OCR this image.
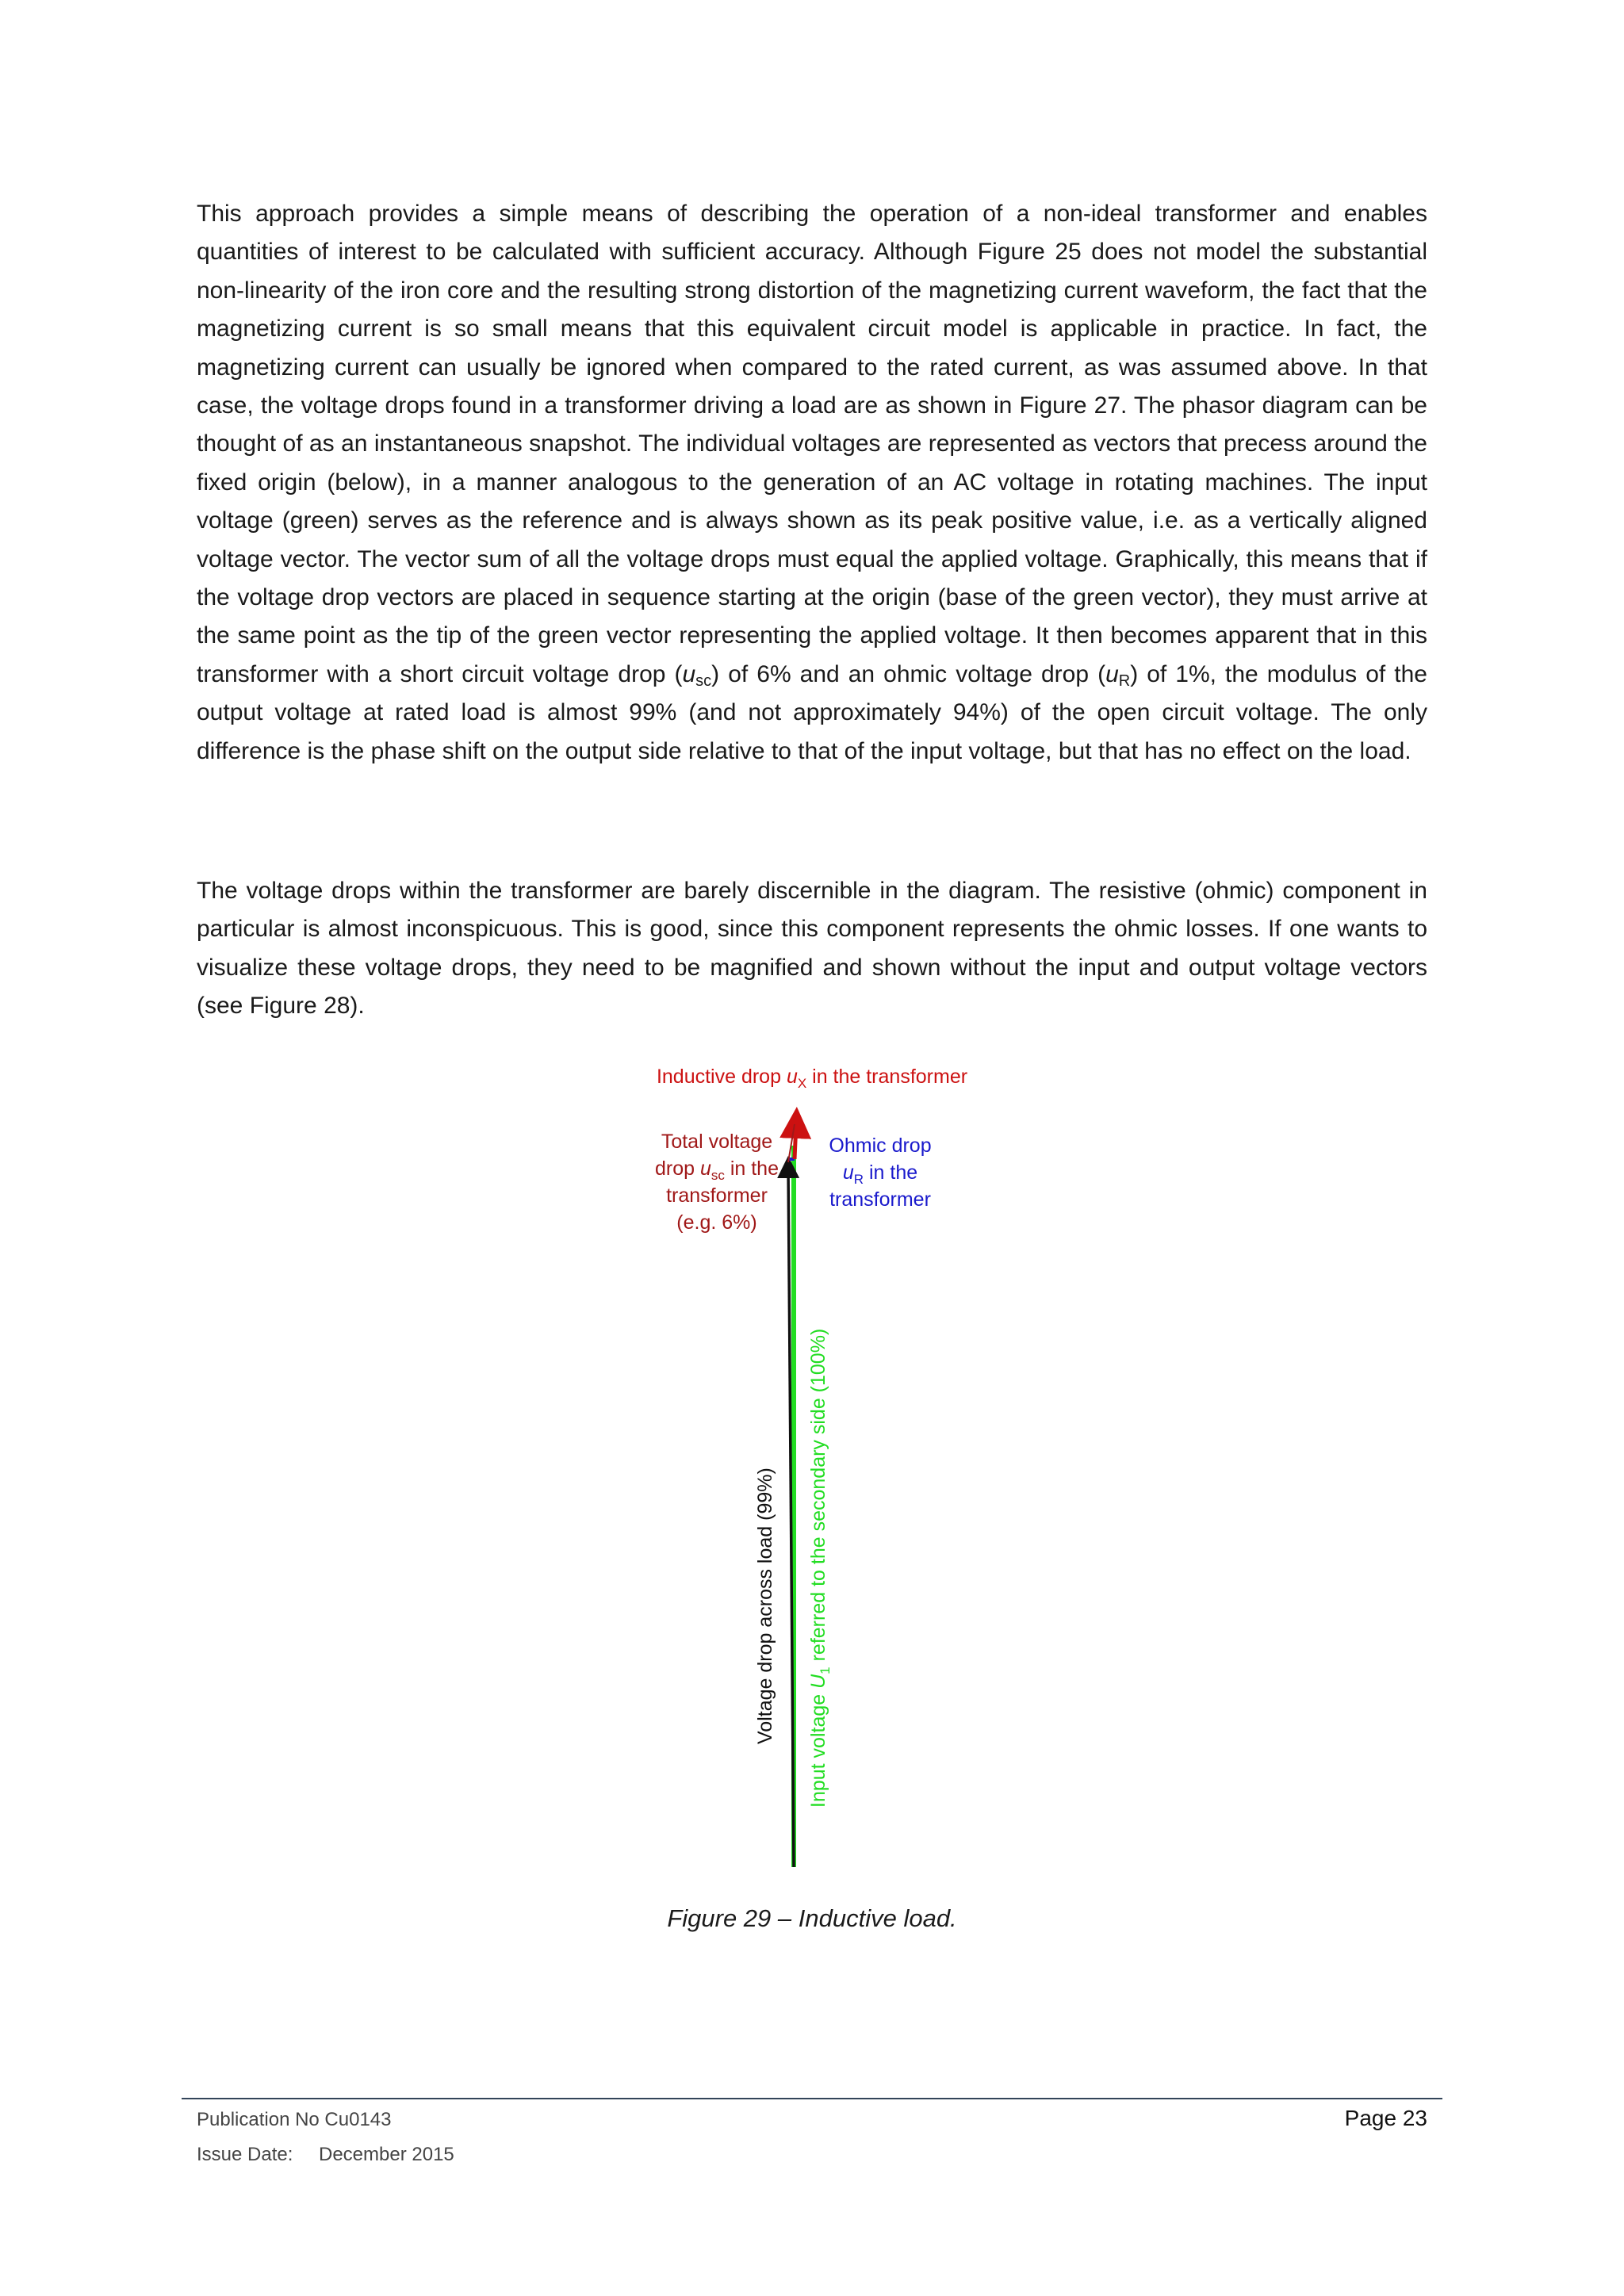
This approach provides a simple means of describing the operation of a non-ideal transformer and enables quantities of interest to be calculated with sufficient accuracy. Although Figure 25 does not model the substantial non-linearity of the iron core and the resulting strong distortion of the magnetizing current waveform, the fact that the magnetizing current is so small means that this equivalent circuit model is applicable in practice. In fact, the magnetizing current can usually be ignored when compared to the rated current, as was assumed above. In that case, the voltage drops found in a transformer driving a load are as shown in Figure 27. The phasor diagram can be thought of as an instantaneous snapshot. The individual voltages are represented as vectors that precess around the fixed origin (below), in a manner analogous to the generation of an AC voltage in rotating machines. The input voltage (green) serves as the reference and is always shown as its peak positive value, i.e. as a vertically aligned voltage vector. The vector sum of all the voltage drops must equal the applied voltage. Graphically, this means that if the voltage drop vectors are placed in sequence starting at the origin (base of the green vector), they must arrive at the same point as the tip of the green vector representing the applied voltage. It then becomes apparent that in this transformer with a short circuit voltage drop $(u_{sc})$ of 6% and an ohmic voltage drop $(u_R)$ of 1%, the modulus of the output voltage at rated load is almost 99% (and not approximately 94%) of the open circuit voltage. The only difference is the phase shift on the output side relative to that of the input voltage, but that has no effect on the load.

The voltage drops within the transformer are barely discernible in the diagram. The resistive (ohmic) component in particular is almost inconspicuous. This is good, since this component represents the ohmic losses. If one wants to visualize these voltage drops, they need to be magnified and shown without the input and output voltage vectors (see Figure 28).

Inductive drop $u_X$ in the transformer
Total voltage
drop $u_{sc}$ in the
transformer
(e.g. 6%)
Ohmic drop
$u_R$ in the
transformer
Voltage drop across load (99%)
Input voltage $U_1$ referred to the secondary side (100%)
Figure 29 – Inductive load.
Publication No Cu0143
Issue Date: December 2015
Page 23
